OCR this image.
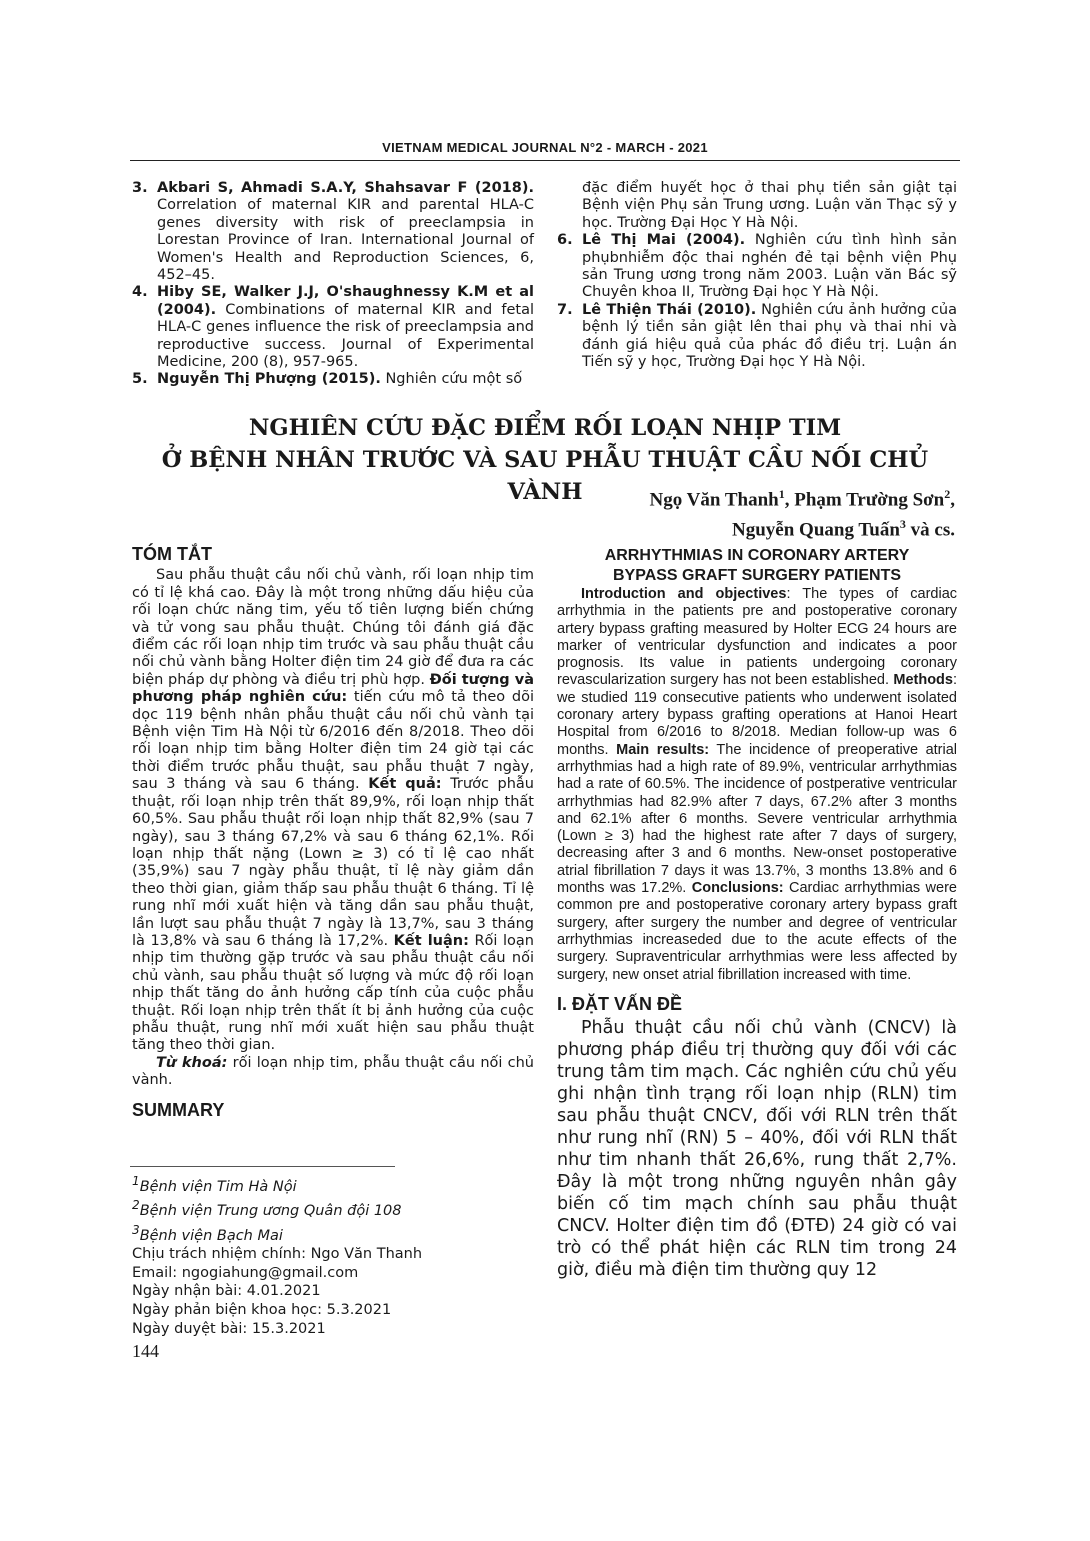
VIETNAM MEDICAL JOURNAL N°2 - MARCH - 2021
3. Akbari S, Ahmadi S.A.Y, Shahsavar F (2018). Correlation of maternal KIR and parental HLA-C genes diversity with risk of preeclampsia in Lorestan Province of Iran. International Journal of Women's Health and Reproduction Sciences, 6, 452–45.
4. Hiby SE, Walker J.J, O'shaughnessy K.M et al (2004). Combinations of maternal KIR and fetal HLA-C genes influence the risk of preeclampsia and reproductive success. Journal of Experimental Medicine, 200 (8), 957-965.
5. Nguyễn Thị Phượng (2015). Nghiên cứu một số
đặc điểm huyết học ở thai phụ tiền sản giật tại Bệnh viện Phụ sản Trung ương. Luận văn Thạc sỹ y học. Trường Đại Học Y Hà Nội.
6. Lê Thị Mai (2004). Nghiên cứu tình hình sản phụbnhiễm độc thai nghén đẻ tại bệnh viện Phụ sản Trung ương trong năm 2003. Luận văn Bác sỹ Chuyên khoa II, Trường Đại học Y Hà Nội.
7. Lê Thiện Thái (2010). Nghiên cứu ảnh hưởng của bệnh lý tiền sản giật lên thai phụ và thai nhi và đánh giá hiệu quả của phác đồ điều trị. Luận án Tiến sỹ y học, Trường Đại học Y Hà Nội.
NGHIÊN CỨU ĐẶC ĐIỂM RỐI LOẠN NHỊP TIM
Ở BỆNH NHÂN TRƯỚC VÀ SAU PHẪU THUẬT CẦU NỐI CHỦ VÀNH	Ngọ Văn Thanh$^1$, Phạm Trường Sơn$^2$,
Nguyễn Quang Tuấn$^3$ và cs.
TÓM TẮT

Sau phẫu thuật cầu nối chủ vành, rối loạn nhịp tim có tỉ lệ khá cao. Đây là một trong những dấu hiệu của rối loạn chức năng tim, yếu tố tiên lượng biến chứng và tử vong sau phẫu thuật. Chúng tôi đánh giá đặc điểm các rối loạn nhịp tim trước và sau phẫu thuật cầu nối chủ vành bằng Holter điện tim 24 giờ để đưa ra các biện pháp dự phòng và điều trị phù hợp. Đối tượng và phương pháp nghiên cứu: tiến cứu mô tả theo dõi dọc 119 bệnh nhân phẫu thuật cầu nối chủ vành tại Bệnh viện Tim Hà Nội từ 6/2016 đến 8/2018. Theo dõi rối loạn nhịp tim bằng Holter điện tim 24 giờ tại các thời điểm trước phẫu thuật, sau phẫu thuật 7 ngày, sau 3 tháng và sau 6 tháng. Kết quả: Trước phẫu thuật, rối loạn nhịp trên thất 89,9%, rối loạn nhịp thất 60,5%. Sau phẫu thuật rối loạn nhịp thất 82,9% (sau 7 ngày), sau 3 tháng 67,2% và sau 6 tháng 62,1%. Rối loạn nhịp thất nặng (Lown ≥ 3) có tỉ lệ cao nhất (35,9%) sau 7 ngày phẫu thuật, tỉ lệ này giảm dần theo thời gian, giảm thấp sau phẫu thuật 6 tháng. Tỉ lệ rung nhĩ mới xuất hiện và tăng dần sau phẫu thuật, lần lượt sau phẫu thuật 7 ngày là 13,7%, sau 3 tháng là 13,8% và sau 6 tháng là 17,2%. Kết luận: Rối loạn nhịp tim thường gặp trước và sau phẫu thuật cầu nối chủ vành, sau phẫu thuật số lượng và mức độ rối loạn nhịp thất tăng do ảnh hưởng cấp tính của cuộc phẫu thuật. Rối loạn nhịp trên thất ít bị ảnh hưởng của cuộc phẫu thuật, rung nhĩ mới xuất hiện sau phẫu thuật tăng theo thời gian.

Từ khoá: rối loạn nhịp tim, phẫu thuật cầu nối chủ vành.

SUMMARY
$^1$Bệnh viện Tim Hà Nội
$^2$Bệnh viện Trung ương Quân đội 108
$^3$Bệnh viện Bạch Mai
Chịu trách nhiệm chính: Ngo Văn Thanh
Email: ngogiahung@gmail.com
Ngày nhận bài: 4.01.2021
Ngày phản biện khoa học: 5.3.2021
Ngày duyệt bài: 15.3.2021
144
ARRHYTHMIAS IN CORONARY ARTERY
BYPASS GRAFT SURGERY PATIENTS

Introduction and objectives: The types of cardiac arrhythmia in the patients pre and postoperative coronary artery bypass grafting measured by Holter ECG 24 hours are marker of ventricular dysfunction and indicates a poor prognosis. Its value in patients undergoing coronary revascularization surgery has not been established. Methods: we studied 119 consecutive patients who underwent isolated coronary artery bypass grafting operations at Hanoi Heart Hospital from 6/2016 to 8/2018. Median follow-up was 6 months. Main results: The incidence of preoperative atrial arrhythmias had a high rate of 89.9%, ventricular arrhythmias had a rate of 60.5%. The incidence of postperative ventricular arrhythmias had 82.9% after 7 days, 67.2% after 3 months and 62.1% after 6 months. Severe ventricular arrhythmia (Lown ≥ 3) had the highest rate after 7 days of surgery, decreasing after 3 and 6 months. New-onset postoperative atrial fibrillation 7 days it was 13.7%, 3 months 13.8% and 6 months was 17.2%. Conclusions: Cardiac arrhythmias were common pre and postoperative coronary artery bypass graft surgery, after surgery the number and degree of ventricular arrhythmias increaseded due to the acute effects of the surgery. Supraventricular arrhythmias were less affected by surgery, new onset atrial fibrillation increased with time.

I. ĐẶT VẤN ĐỀ

Phẫu thuật cầu nối chủ vành (CNCV) là phương pháp điều trị thường quy đối với các trung tâm tim mạch. Các nghiên cứu chủ yếu ghi nhận tình trạng rối loạn nhịp (RLN) tim sau phẫu thuật CNCV, đối với RLN trên thất như rung nhĩ (RN) 5 – 40%, đối với RLN thất như tim nhanh thất 26,6%, rung thất 2,7%. Đây là một trong những nguyên nhân gây biến cố tim mạch chính sau phẫu thuật CNCV. Holter điện tim đồ (ĐTĐ) 24 giờ có vai trò có thể phát hiện các RLN tim trong 24 giờ, điều mà điện tim thường quy 12
